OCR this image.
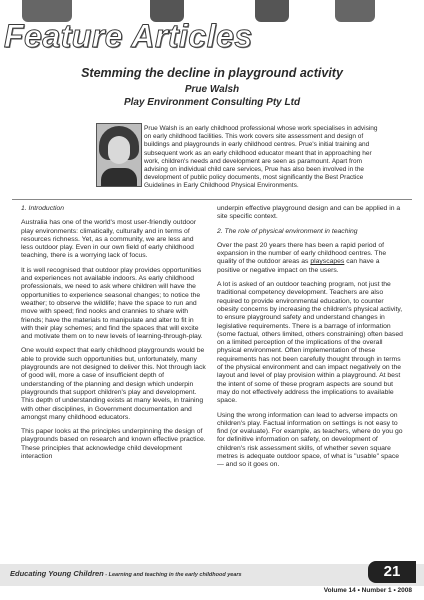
Feature Articles
Stemming the decline in playground activity
Prue Walsh
Play Environment Consulting Pty Ltd

Prue Walsh is an early childhood professional whose work specialises in advising on early childhood facilities. This work covers site assessment and design of buildings and playgrounds in early childhood centres. Prue's initial training and subsequent work as an early childhood educator meant that in approaching her work, children's needs and development are seen as paramount. Apart from advising on individual child care services, Prue has also been involved in the development of public policy documents, most significantly the Best Practice Guidelines in Early Childhood Physical Environments.

1. Introduction

Australia has one of the world's most user-friendly outdoor play environments: climatically, culturally and in terms of resources richness. Yet, as a community, we are less and less outdoor play. Even in our own field of early childhood teaching, there is a worrying lack of focus.

It is well recognised that outdoor play provides opportunities and experiences not available indoors. As early childhood professionals, we need to ask where children will have the opportunities to experience seasonal changes; to notice the weather; to observe the wildlife; have the space to run and move with speed; find nooks and crannies to share with friends; have the materials to manipulate and alter to fit in with their play schemes; and find the spaces that will excite and motivate them on to new levels of learning-through-play.

One would expect that early childhood playgrounds would be able to provide such opportunities but, unfortunately, many playgrounds are not designed to deliver this. Not through lack of good will, more a case of insufficient depth of understanding of the planning and design which underpin playgrounds that support children's play and development. This depth of understanding exists at many levels, in training with other disciplines, in Government documentation and amongst many childhood educators.

This paper looks at the principles underpinning the design of playgrounds based on research and known effective practice. These principles that acknowledge child development interaction

underpin effective playground design and can be applied in a site specific context.

2. The role of physical environment in teaching

Over the past 20 years there has been a rapid period of expansion in the number of early childhood centres. The quality of the outdoor areas as playscapes can have a positive or negative impact on the users.

A lot is asked of an outdoor teaching program, not just the traditional competency development. Teachers are also required to provide environmental education, to counter obesity concerns by increasing the children's physical activity, to ensure playground safety and understand changes in legislative requirements. There is a barrage of information (some factual, others limited, others constraining) often based on a limited perception of the implications of the overall physical environment. Often implementation of these requirements has not been carefully thought through in terms of the physical environment and can impact negatively on the layout and level of play provision within a playground. At best the intent of some of these program aspects are sound but may do not effectively address the implications to available space.

Using the wrong information can lead to adverse impacts on children's play. Factual information on settings is not easy to find (or evaluate). For example, as teachers, where do you go for definitive information on safety, on development of children's risk assessment skills, of whether seven square metres is adequate outdoor space, of what is "usable" space — and so it goes on.

Educating Young Children - Learning and teaching in the early childhood years	21
Volume 14 • Number 1 • 2008
